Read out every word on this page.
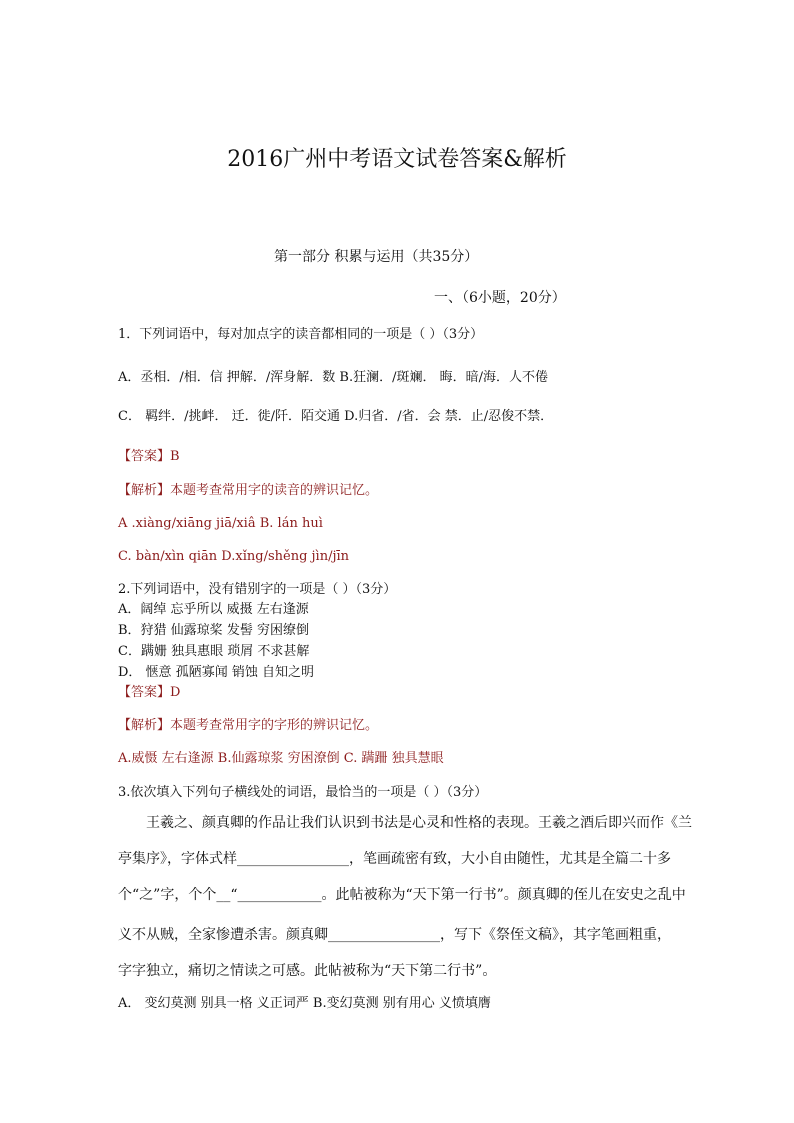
2016广州中考语文试卷答案&解析
第一部分 积累与运用（共35分）
一、（6小题，20分）
1．下列词语中，每对加点字的读音都相同的一项是（ ）（3分）
A．丞相．/相．信 押解．/浑身解．数 B.狂澜．/斑斓． 晦．暗/海．人不倦
C． 羁绊．/挑衅． 迁．徙/阡．陌交通 D.归省．/省．会 禁．止/忍俊不禁．
【答案】B
【解析】本题考查常用字的读音的辨识记忆。
A .xiàng/xiāng jiā/xiâ B. lán huì
C. bàn/xìn qiān D.xǐng/shěng jìn/jīn
2.下列词语中，没有错别字的一项是（ ）（3分）
A．阔绰 忘乎所以 威摄 左右逢源
B．狩猎 仙露琼桨 发髻 穷困缭倒
C．蹒姗 独具惠眼 琐屑 不求甚解
D． 惬意 孤陋寡闻 销蚀 自知之明
【答案】D
【解析】本题考查常用字的字形的辨识记忆。
A.威慑 左右逢源 B.仙露琼浆 穷困潦倒 C. 蹒跚 独具慧眼
3.依次填入下列句子横线处的词语，最恰当的一项是（ ）（3分）
王羲之、颜真卿的作品让我们认识到书法是心灵和性格的表现。王羲之酒后即兴而作《兰
亭集序》，字体式样________________，笔画疏密有致，大小自由随性，尤其是全篇二十多
个“之”字，个个__“____________。此帖被称为“天下第一行书”。颜真卿的侄儿在安史之乱中
义不从贼，全家惨遭杀害。颜真卿________________，写下《祭侄文稿》，其字笔画粗重，
字字独立，痛切之情读之可感。此帖被称为“天下第二行书”。
A． 变幻莫测 别具一格 义正词严 B.变幻莫测 别有用心 义愤填膺
